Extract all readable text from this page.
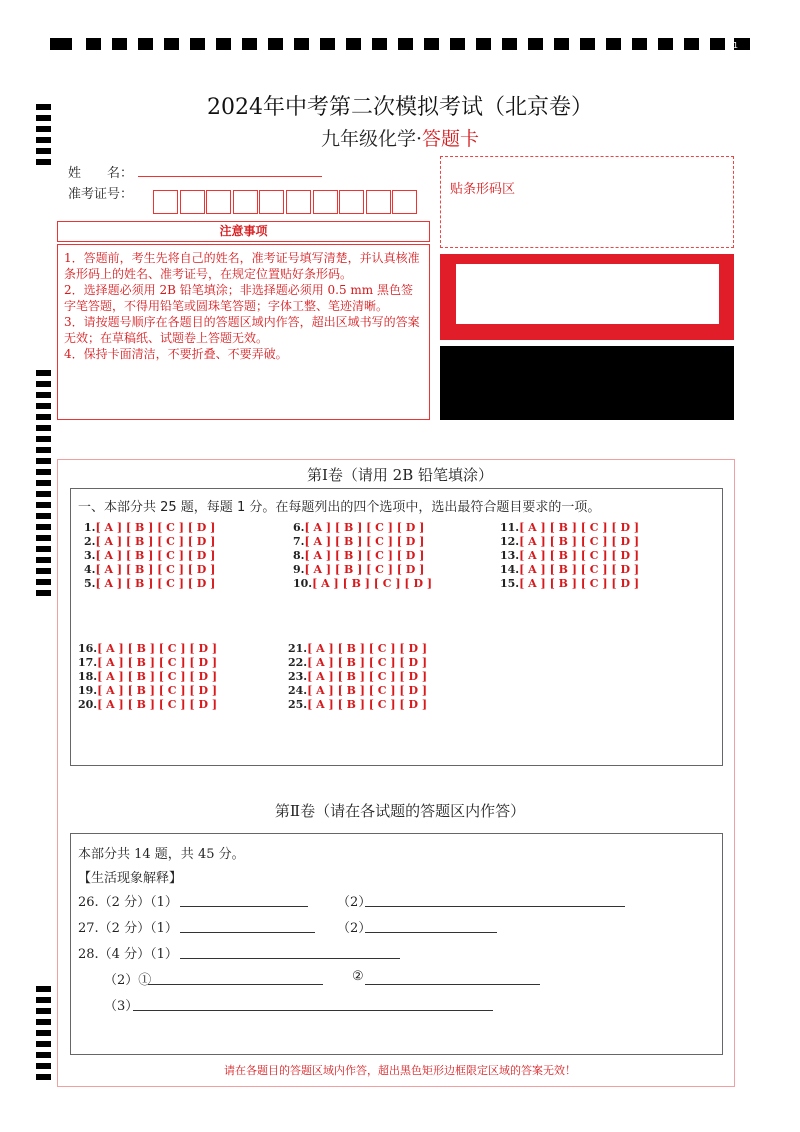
1
2024年中考第二次模拟考试（北京卷）
九年级化学·答题卡
姓　　名：
准考证号：	贴条形码区
注意事项

1．答题前，考生先将自己的姓名，准考证号填写清楚，并认真核准条形码上的姓名、准考证号，在规定位置贴好条形码。

2．选择题必须用 2B 铅笔填涂；非选择题必须用 0.5 mm 黑色签字笔答题，不得用铅笔或圆珠笔答题；字体工整、笔迹清晰。

3．请按题号顺序在各题目的答题区域内作答，超出区域书写的答案无效；在草稿纸、试题卷上答题无效。

4．保持卡面清洁，不要折叠、不要弄破。

第Ⅰ卷（请用 2B 铅笔填涂）
一、本部分共 25 题，每题 1 分。在每题列出的四个选项中，选出最符合题目要求的一项。
1.[ A ] [ B ] [ C ] [ D ]
2.[ A ] [ B ] [ C ] [ D ]
3.[ A ] [ B ] [ C ] [ D ]
4.[ A ] [ B ] [ C ] [ D ]
5.[ A ] [ B ] [ C ] [ D ]
6.[ A ] [ B ] [ C ] [ D ]
7.[ A ] [ B ] [ C ] [ D ]
8.[ A ] [ B ] [ C ] [ D ]
9.[ A ] [ B ] [ C ] [ D ]
10.[ A ] [ B ] [ C ] [ D ]
11.[ A ] [ B ] [ C ] [ D ]
12.[ A ] [ B ] [ C ] [ D ]
13.[ A ] [ B ] [ C ] [ D ]
14.[ A ] [ B ] [ C ] [ D ]
15.[ A ] [ B ] [ C ] [ D ]
16.[ A ] [ B ] [ C ] [ D ]
17.[ A ] [ B ] [ C ] [ D ]
18.[ A ] [ B ] [ C ] [ D ]
19.[ A ] [ B ] [ C ] [ D ]
20.[ A ] [ B ] [ C ] [ D ]
21.[ A ] [ B ] [ C ] [ D ]
22.[ A ] [ B ] [ C ] [ D ]
23.[ A ] [ B ] [ C ] [ D ]
24.[ A ] [ B ] [ C ] [ D ]
25.[ A ] [ B ] [ C ] [ D ]
第Ⅱ卷（请在各试题的答题区内作答）
本部分共 14 题，共 45 分。
【生活现象解释】
26.（2 分）（1）	（2）
27.（2 分）（1）	（2）
28.（4 分）（1）
（2）①	②
（3）
请在各题目的答题区域内作答，超出黑色矩形边框限定区域的答案无效！
